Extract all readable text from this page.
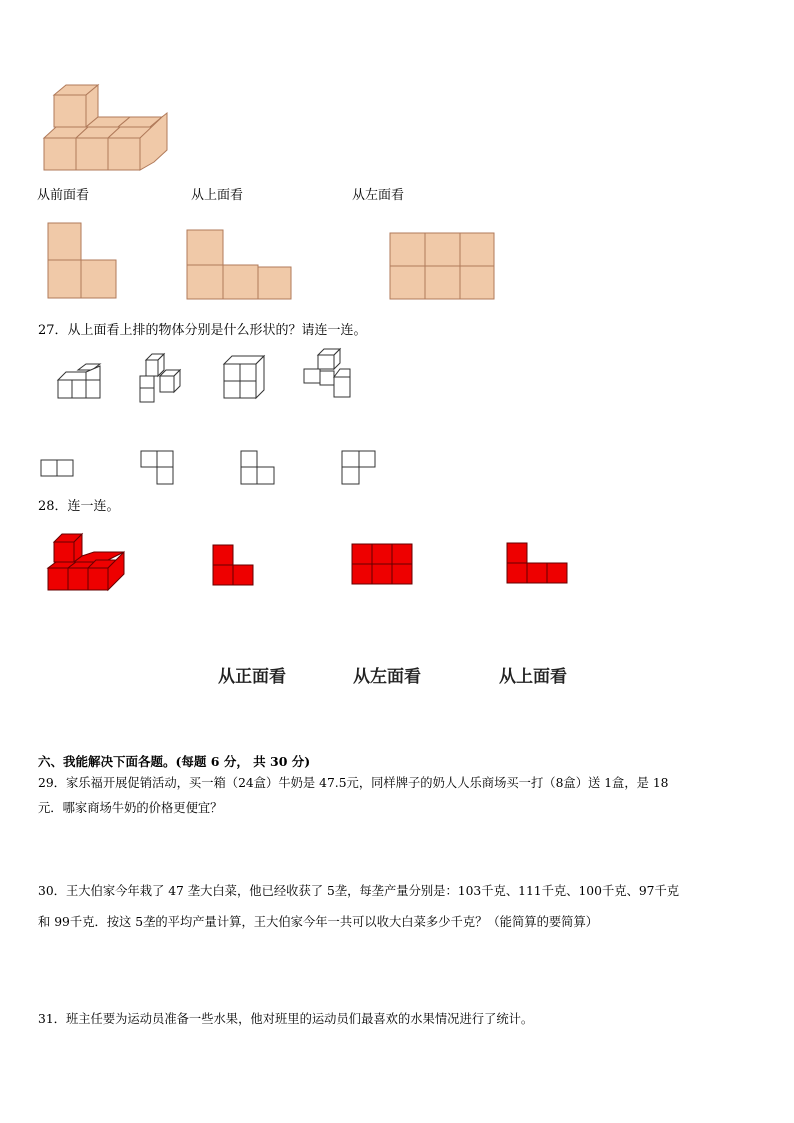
从前面看	从上面看	从左面看
27．从上面看上排的物体分别是什么形状的？请连一连。
28．连一连。
从正面看	从左面看	从上面看
六、我能解决下面各题。(每题 6 分， 共 30 分)
29．家乐福开展促销活动，买一箱（24盒）牛奶是 47.5元，同样牌子的奶人人乐商场买一打（8盒）送 1盒，是 18
元．哪家商场牛奶的价格更便宜？
30．王大伯家今年栽了 47 垄大白菜，他已经收获了 5垄，每垄产量分别是：103千克、111千克、100千克、97千克
和 99千克．按这 5垄的平均产量计算，王大伯家今年一共可以收大白菜多少千克？（能简算的要简算）
31．班主任要为运动员准备一些水果，他对班里的运动员们最喜欢的水果情况进行了统计。
